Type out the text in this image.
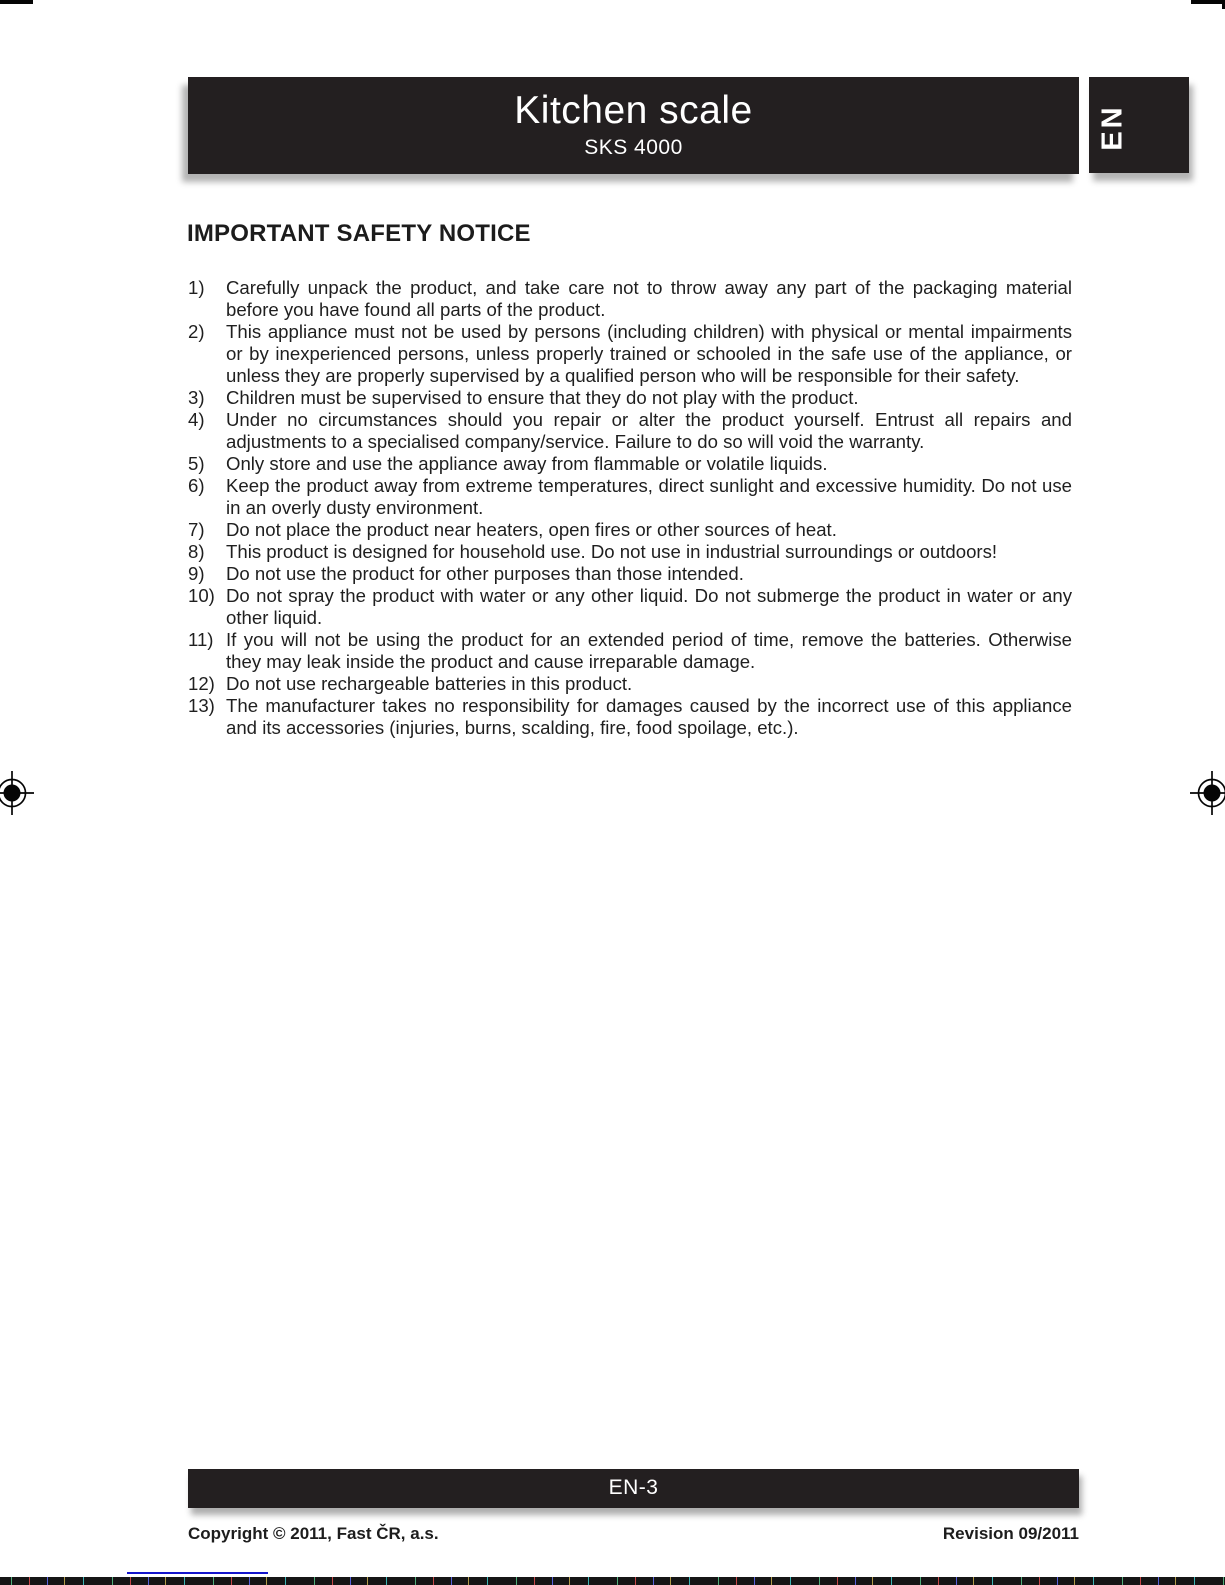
Kitchen scale
SKS 4000	EN
IMPORTANT SAFETY NOTICE
1) Carefully unpack the product, and take care not to throw away any part of the packaging material before you have found all parts of the product.
2) This appliance must not be used by persons (including children) with physical or mental impairments or by inexperienced persons, unless properly trained or schooled in the safe use of the appliance, or unless they are properly supervised by a qualified person who will be responsible for their safety.
3) Children must be supervised to ensure that they do not play with the product.
4) Under no circumstances should you repair or alter the product yourself. Entrust all repairs and adjustments to a specialised company/service. Failure to do so will void the warranty.
5) Only store and use the appliance away from flammable or volatile liquids.
6) Keep the product away from extreme temperatures, direct sunlight and excessive humidity. Do not use in an overly dusty environment.
7) Do not place the product near heaters, open fires or other sources of heat.
8) This product is designed for household use. Do not use in industrial surroundings or outdoors!
9) Do not use the product for other purposes than those intended.
10) Do not spray the product with water or any other liquid. Do not submerge the product in water or any other liquid.
11) If you will not be using the product for an extended period of time, remove the batteries. Otherwise they may leak inside the product and cause irreparable damage.
12) Do not use rechargeable batteries in this product.
13) The manufacturer takes no responsibility for damages caused by the incorrect use of this appliance and its accessories (injuries, burns, scalding, fire, food spoilage, etc.).
EN-3
Copyright © 2011, Fast ČR, a.s.	Revision 09/2011
